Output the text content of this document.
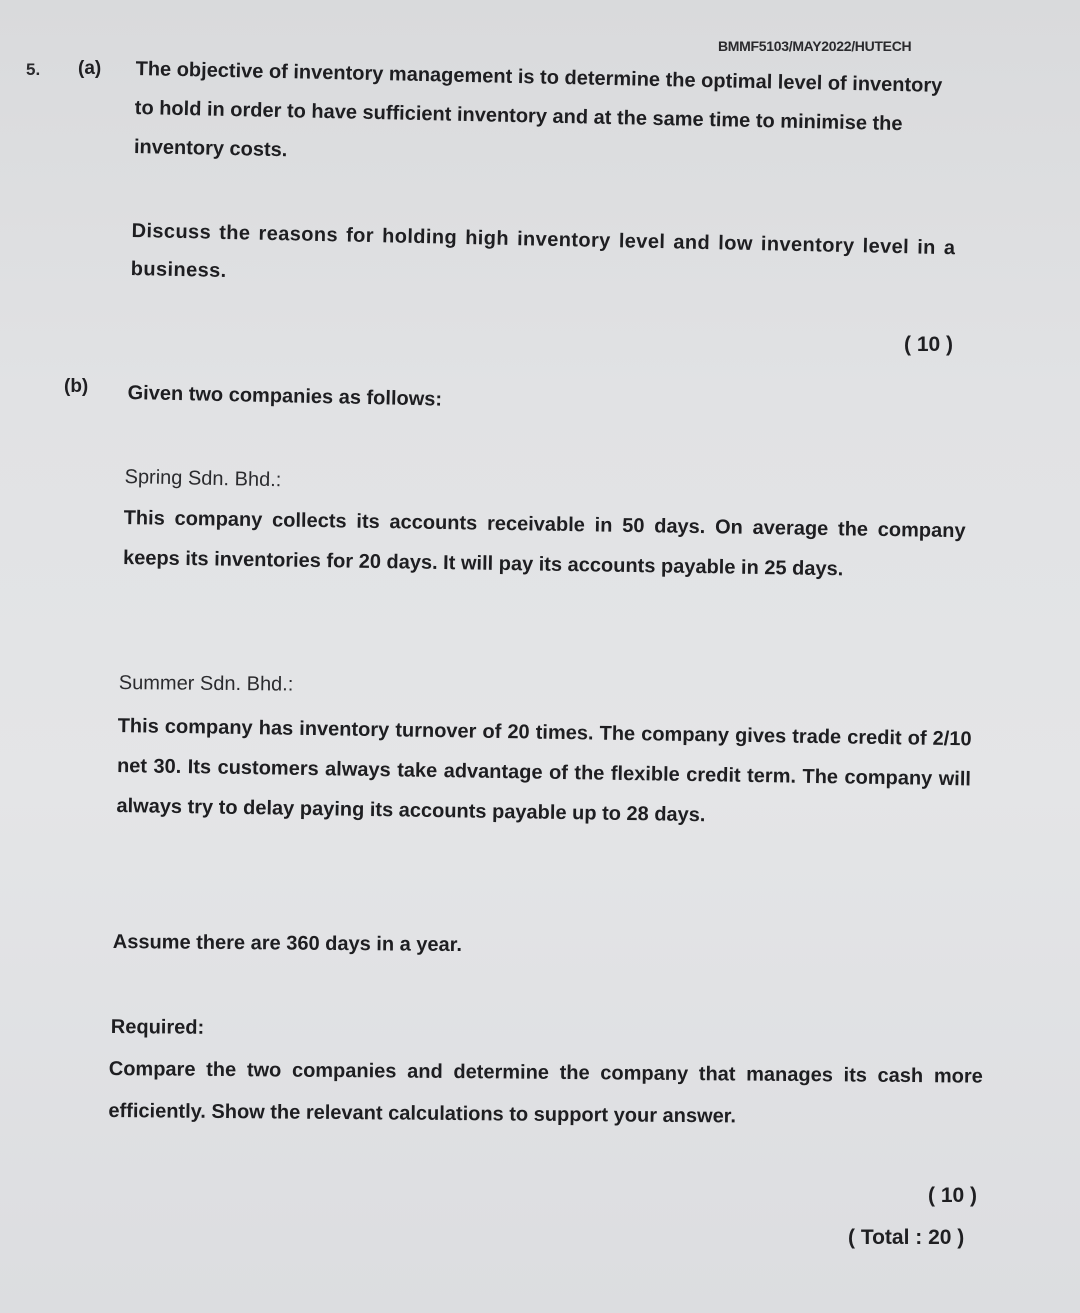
BMMF5103/MAY2022/HUTECH
5. (a) The objective of inventory management is to determine the optimal level of inventory to hold in order to have sufficient inventory and at the same time to minimise the inventory costs.
Discuss the reasons for holding high inventory level and low inventory level in a business.
( 10 )
(b) Given two companies as follows:
Spring Sdn. Bhd.:
This company collects its accounts receivable in 50 days. On average the company keeps its inventories for 20 days. It will pay its accounts payable in 25 days.
Summer Sdn. Bhd.:
This company has inventory turnover of 20 times. The company gives trade credit of 2/10 net 30. Its customers always take advantage of the flexible credit term. The company will always try to delay paying its accounts payable up to 28 days.
Assume there are 360 days in a year.
Required:
Compare the two companies and determine the company that manages its cash more efficiently. Show the relevant calculations to support your answer.
( 10 )
( Total : 20 )
